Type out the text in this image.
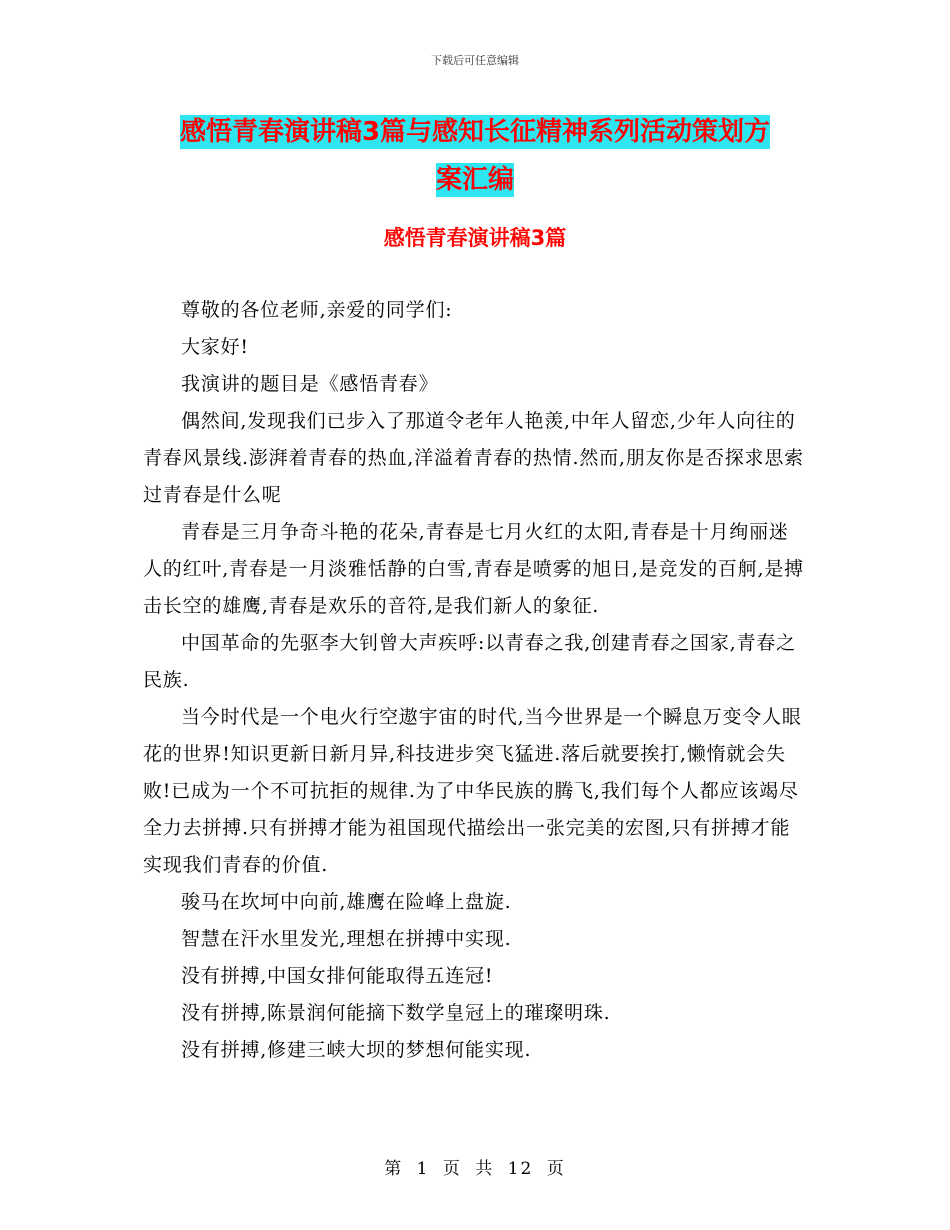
下载后可任意编辑
感悟青春演讲稿3篇与感知长征精神系列活动策划方
案汇编
感悟青春演讲稿3篇

尊敬的各位老师,亲爱的同学们:

大家好!

我演讲的题目是《感悟青春》

偶然间,发现我们已步入了那道令老年人艳羡,中年人留恋,少年人向往的青春风景线.澎湃着青春的热血,洋溢着青春的热情.然而,朋友你是否探求思索过青春是什么呢

青春是三月争奇斗艳的花朵,青春是七月火红的太阳,青春是十月绚丽迷人的红叶,青春是一月淡雅恬静的白雪,青春是喷雾的旭日,是竞发的百舸,是搏击长空的雄鹰,青春是欢乐的音符,是我们新人的象征.

中国革命的先驱李大钊曾大声疾呼:以青春之我,创建青春之国家,青春之民族.

当今时代是一个电火行空遨宇宙的时代,当今世界是一个瞬息万变令人眼花的世界!知识更新日新月异,科技进步突飞猛进.落后就要挨打,懒惰就会失败!已成为一个不可抗拒的规律.为了中华民族的腾飞,我们每个人都应该竭尽全力去拼搏.只有拼搏才能为祖国现代描绘出一张完美的宏图,只有拼搏才能实现我们青春的价值.

骏马在坎坷中向前,雄鹰在险峰上盘旋.

智慧在汗水里发光,理想在拼搏中实现.

没有拼搏,中国女排何能取得五连冠!

没有拼搏,陈景润何能摘下数学皇冠上的璀璨明珠.

没有拼搏,修建三峡大坝的梦想何能实现.

第 1 页 共 12 页
